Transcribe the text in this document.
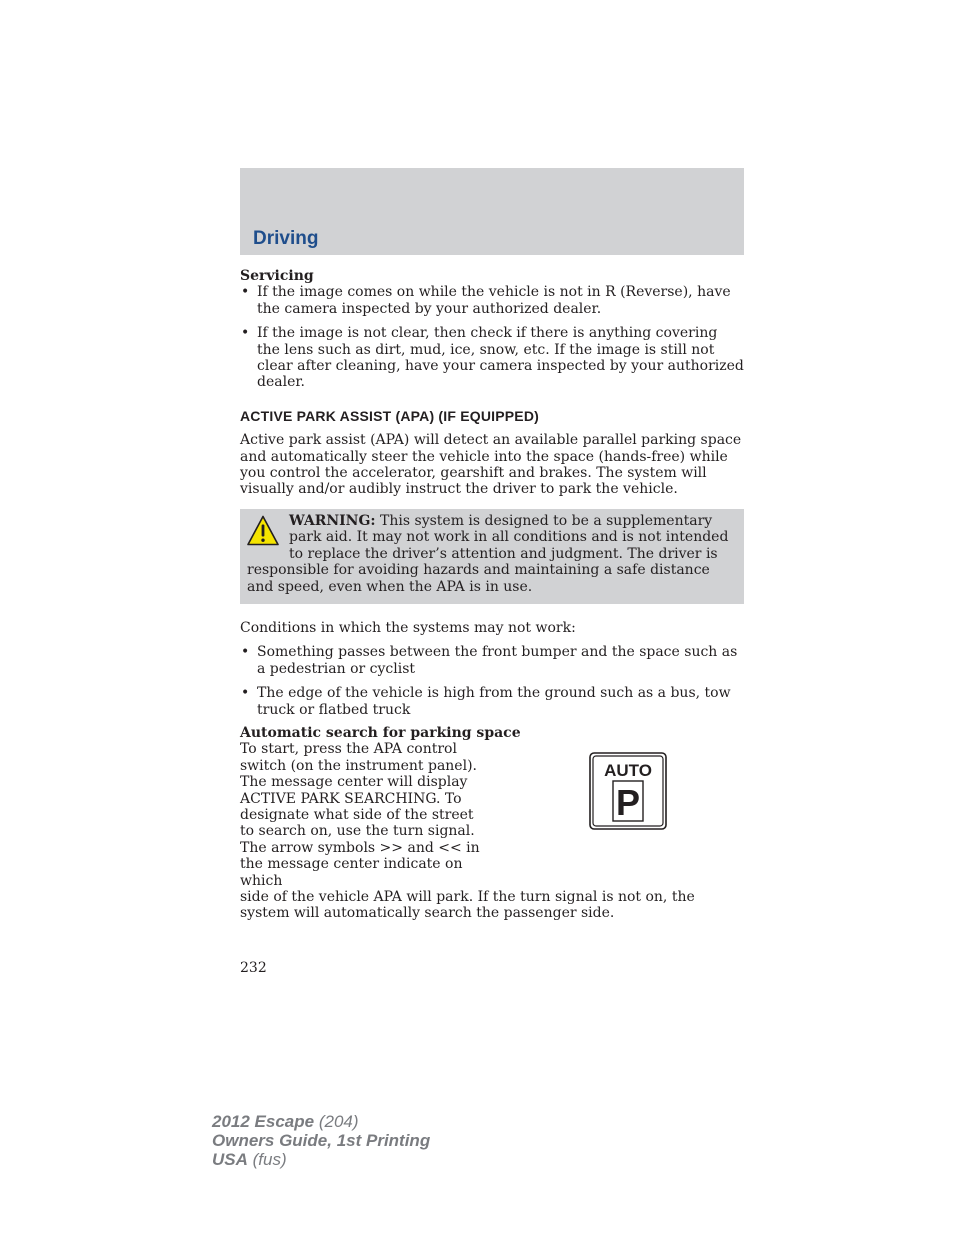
Driving

Servicing

• If the image comes on while the vehicle is not in R (Reverse), have the camera inspected by your authorized dealer.
• If the image is not clear, then check if there is anything covering the lens such as dirt, mud, ice, snow, etc. If the image is still not clear after cleaning, have your camera inspected by your authorized dealer.
ACTIVE PARK ASSIST (APA) (IF EQUIPPED)

Active park assist (APA) will detect an available parallel parking space and automatically steer the vehicle into the space (hands-free) while you control the accelerator, gearshift and brakes. The system will visually and/or audibly instruct the driver to park the vehicle.

WARNING: This system is designed to be a supplementary park aid. It may not work in all conditions and is not intended to replace the driver’s attention and judgment. The driver is responsible for avoiding hazards and maintaining a safe distance and speed, even when the APA is in use.

Conditions in which the systems may not work:

• Something passes between the front bumper and the space such as a pedestrian or cyclist
• The edge of the vehicle is high from the ground such as a bus, tow truck or flatbed truck

Automatic search for parking space

To start, press the APA control switch (on the instrument panel). The message center will display ACTIVE PARK SEARCHING. To designate what side of the street to search on, use the turn signal. The arrow symbols >> and << in the message center indicate on which
AUTO
P

side of the vehicle APA will park. If the turn signal is not on, the system will automatically search the passenger side.

232
2012 Escape (204)
Owners Guide, 1st Printing
USA (fus)
